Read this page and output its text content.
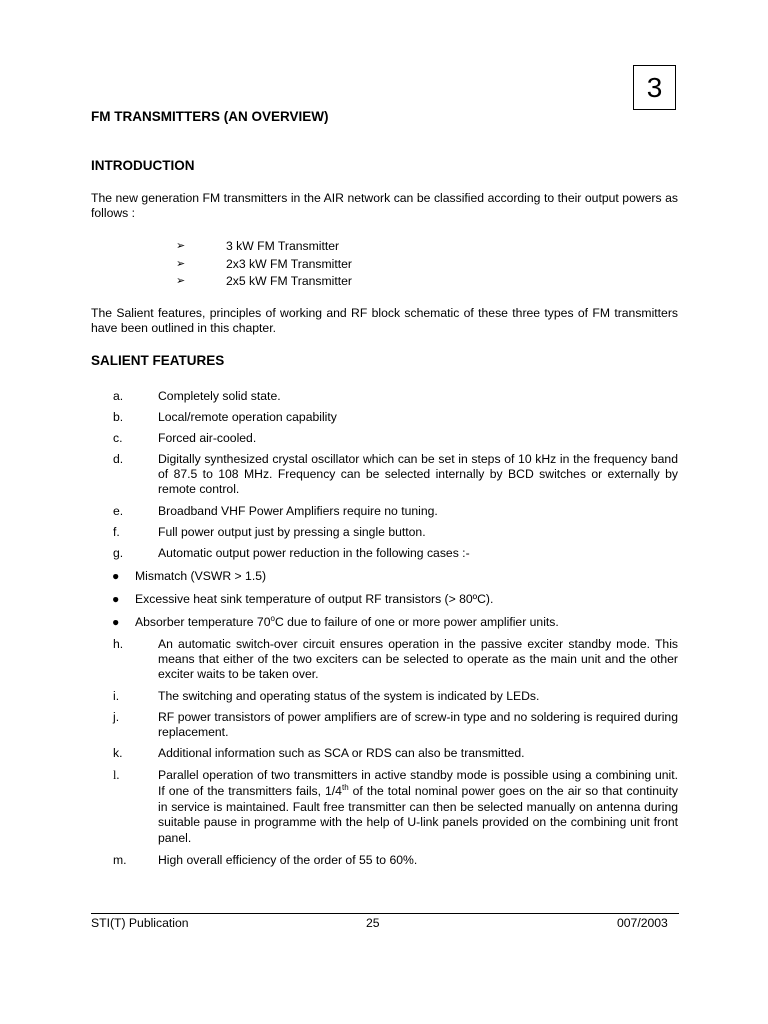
3
FM TRANSMITTERS (AN OVERVIEW)
INTRODUCTION
The new generation FM transmitters in the AIR network can be classified according to their output powers as follows :
➢	3 kW FM Transmitter
➢	2x3 kW FM Transmitter
➢	2x5 kW FM Transmitter
The Salient features, principles of working and RF block schematic of these three types of FM transmitters have been outlined in this chapter.
SALIENT FEATURES
a.	Completely solid state.
b.	Local/remote operation capability
c.	Forced air-cooled.
d.	Digitally synthesized crystal oscillator which can be set in steps of 10 kHz in the frequency band of 87.5 to 108 MHz. Frequency can be selected internally by BCD switches or externally by remote control.
e.	Broadband VHF Power Amplifiers require no tuning.
f.	Full power output just by pressing a single button.
g.	Automatic output power reduction in the following cases :-
● Mismatch (VSWR > 1.5)
● Excessive heat sink temperature of output RF transistors (> 80ºC).
● Absorber temperature 70$^o$C due to failure of one or more power amplifier units.
h.	An automatic switch-over circuit ensures operation in the passive exciter standby mode. This means that either of the two exciters can be selected to operate as the main unit and the other exciter waits to be taken over.
i.	The switching and operating status of the system is indicated by LEDs.
j.	RF power transistors of power amplifiers are of screw-in type and no soldering is required during replacement.
k.	Additional information such as SCA or RDS can also be transmitted.
l.	Parallel operation of two transmitters in active standby mode is possible using a combining unit. If one of the transmitters fails, 1/4th of the total nominal power goes on the air so that continuity in service is maintained. Fault free transmitter can then be selected manually on antenna during suitable pause in programme with the help of U-link panels provided on the combining unit front panel.
m.	High overall efficiency of the order of 55 to 60%.
STI(T) Publication	25	007/2003
